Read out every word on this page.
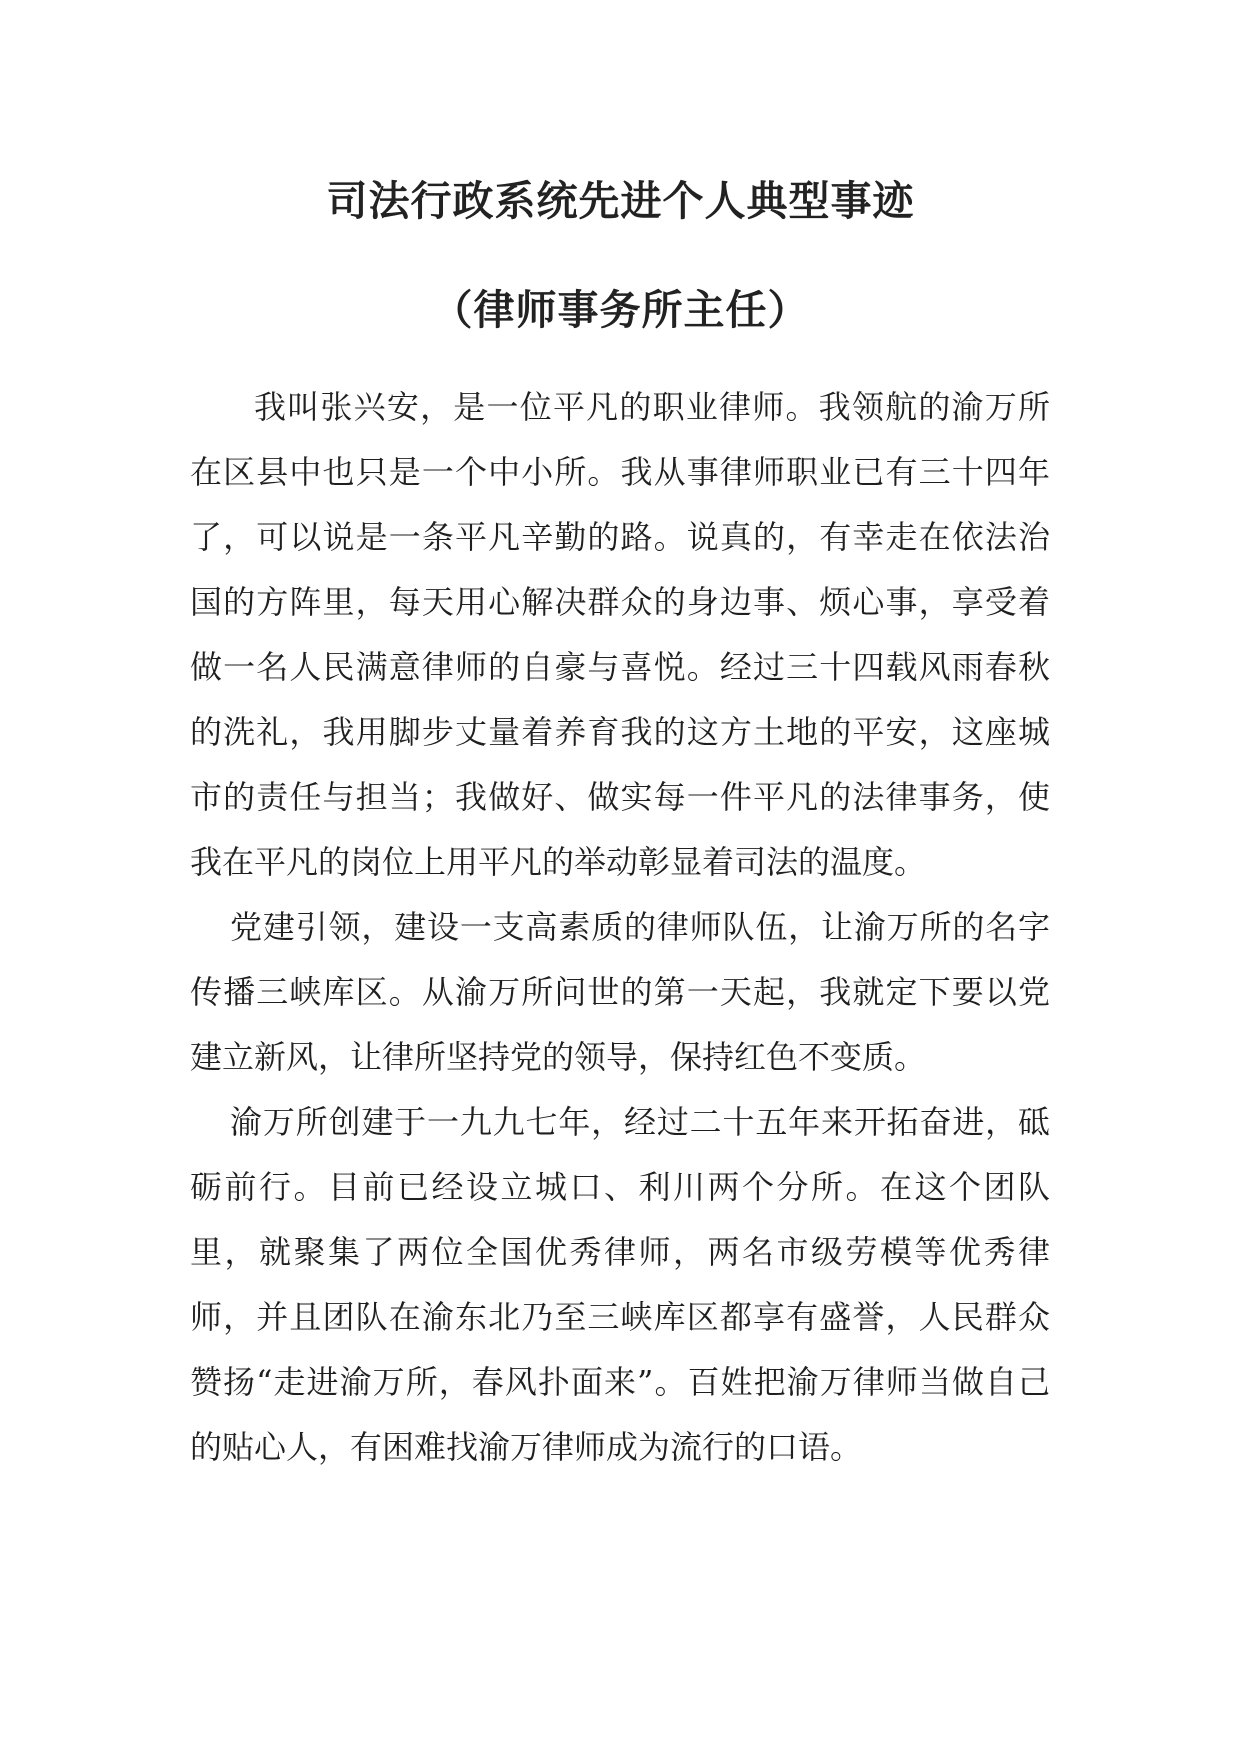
司法行政系统先进个人典型事迹
（律师事务所主任）

我叫张兴安，是一位平凡的职业律师。我领航的渝万所在区县中也只是一个中小所。我从事律师职业已有三十四年了，可以说是一条平凡辛勤的路。说真的，有幸走在依法治国的方阵里，每天用心解决群众的身边事、烦心事，享受着做一名人民满意律师的自豪与喜悦。经过三十四载风雨春秋的洗礼，我用脚步丈量着养育我的这方土地的平安，这座城市的责任与担当；我做好、做实每一件平凡的法律事务，使我在平凡的岗位上用平凡的举动彰显着司法的温度。

党建引领，建设一支高素质的律师队伍，让渝万所的名字传播三峡库区。从渝万所问世的第一天起，我就定下要以党建立新风，让律所坚持党的领导，保持红色不变质。

渝万所创建于一九九七年，经过二十五年来开拓奋进，砥砺前行。目前已经设立城口、利川两个分所。在这个团队里，就聚集了两位全国优秀律师，两名市级劳模等优秀律师，并且团队在渝东北乃至三峡库区都享有盛誉，人民群众赞扬“走进渝万所，春风扑面来”。百姓把渝万律师当做自己的贴心人，有困难找渝万律师成为流行的口语。
